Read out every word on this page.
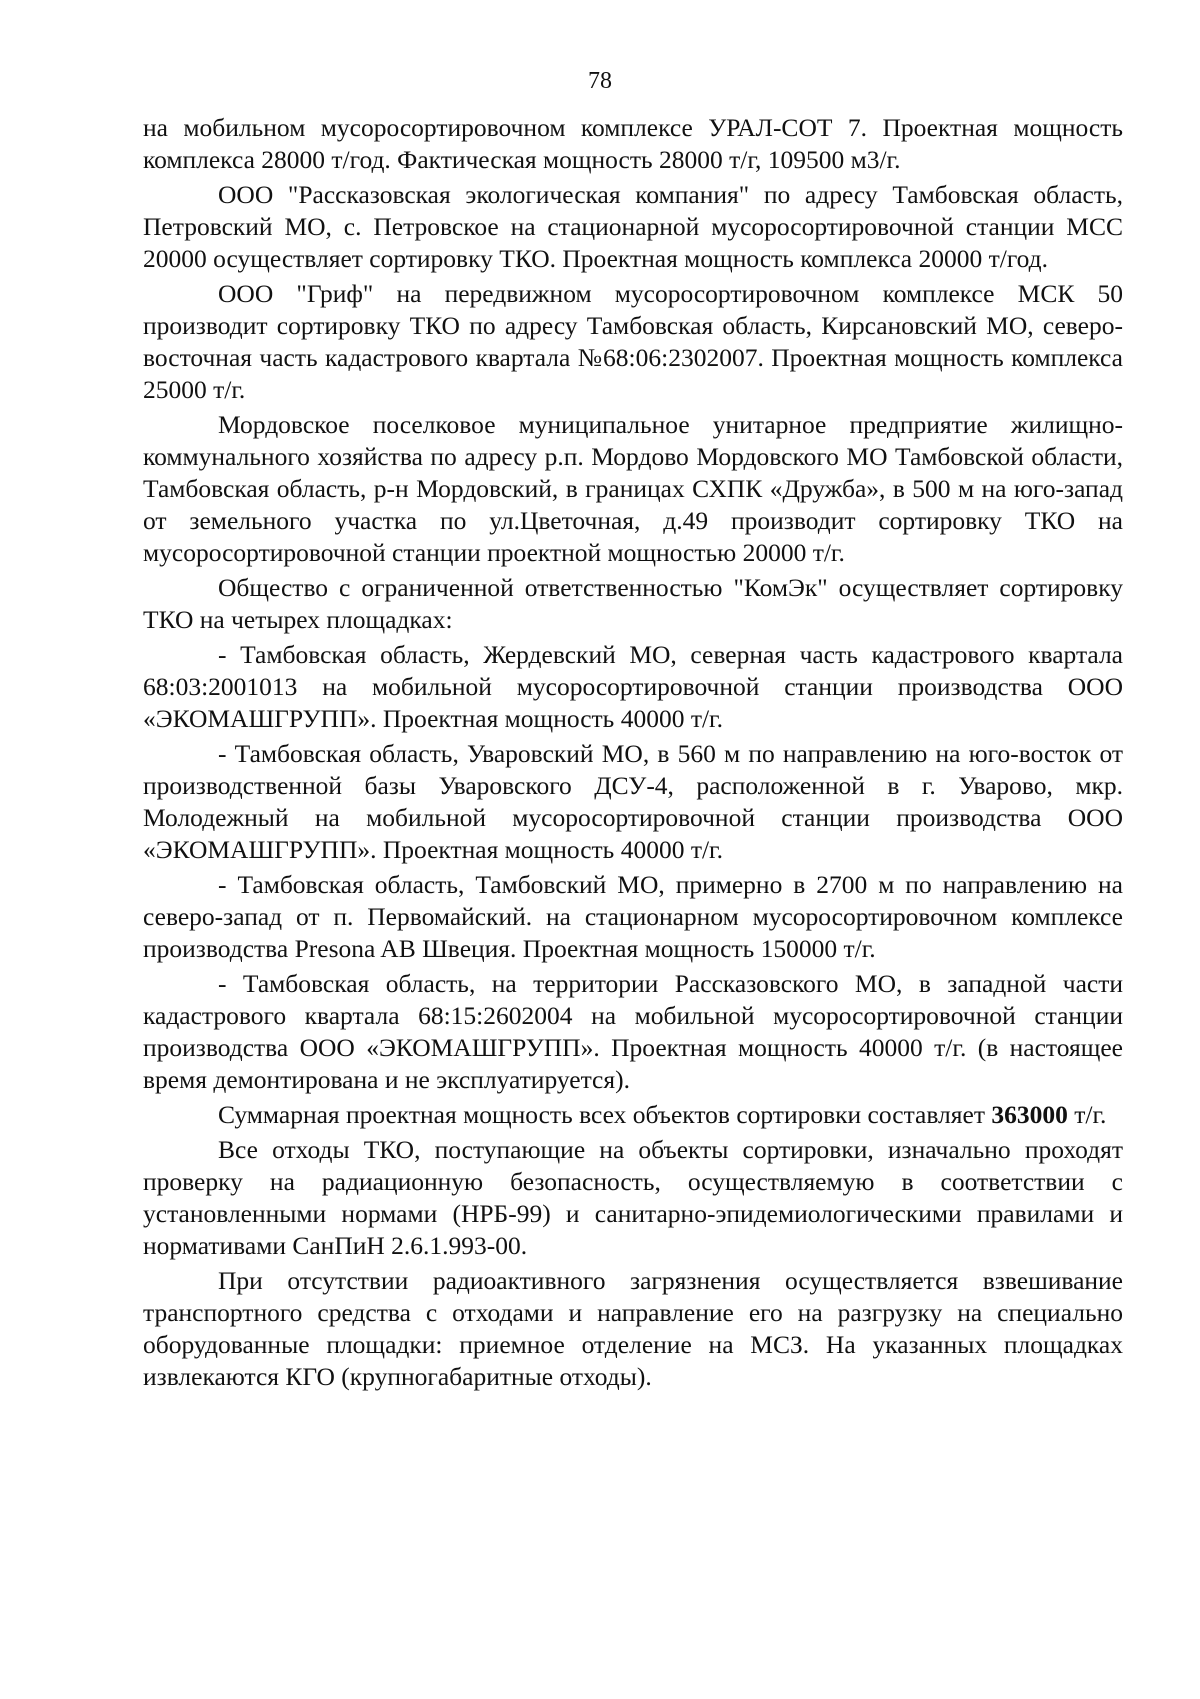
78

на мобильном мусоросортировочном комплексе УРАЛ-СОТ 7. Проектная мощность комплекса 28000 т/год. Фактическая мощность 28000 т/г, 109500 м3/г.

ООО "Рассказовская экологическая компания" по адресу Тамбовская область, Петровский МО, с. Петровское на стационарной мусоросортировочной станции МСС 20000 осуществляет сортировку ТКО. Проектная мощность комплекса 20000 т/год.

ООО "Гриф" на передвижном мусоросортировочном комплексе МСК 50 производит сортировку ТКО по адресу Тамбовская область, Кирсановский МО, северо-восточная часть кадастрового квартала №68:06:2302007. Проектная мощность комплекса 25000 т/г.

Мордовское поселковое муниципальное унитарное предприятие жилищно-коммунального хозяйства по адресу р.п. Мордово Мордовского МО Тамбовской области, Тамбовская область, р-н Мордовский, в границах СХПК «Дружба», в 500 м на юго-запад от земельного участка по ул.Цветочная, д.49 производит сортировку ТКО на мусоросортировочной станции проектной мощностью 20000 т/г.

Общество с ограниченной ответственностью "КомЭк" осуществляет сортировку ТКО на четырех площадках:

- Тамбовская область, Жердевский МО, северная часть кадастрового квартала 68:03:2001013 на мобильной мусоросортировочной станции производства ООО «ЭКОМАШГРУПП». Проектная мощность 40000 т/г.

- Тамбовская область, Уваровский МО, в 560 м по направлению на юго-восток от производственной базы Уваровского ДСУ-4, расположенной в г. Уварово, мкр. Молодежный на мобильной мусоросортировочной станции производства ООО «ЭКОМАШГРУПП». Проектная мощность 40000 т/г.

- Тамбовская область, Тамбовский МО, примерно в 2700 м по направлению на северо-запад от п. Первомайский. на стационарном мусоросортировочном комплексе производства Presona AB Швеция. Проектная мощность 150000 т/г.

- Тамбовская область, на территории Рассказовского МО, в западной части кадастрового квартала 68:15:2602004 на мобильной мусоросортировочной станции производства ООО «ЭКОМАШГРУПП». Проектная мощность 40000 т/г. (в настоящее время демонтирована и не эксплуатируется).

Суммарная проектная мощность всех объектов сортировки составляет 363000 т/г.

Все отходы ТКО, поступающие на объекты сортировки, изначально проходят проверку на радиационную безопасность, осуществляемую в соответствии с установленными нормами (НРБ-99) и санитарно-эпидемиологическими правилами и нормативами СанПиН 2.6.1.993-00.

При отсутствии радиоактивного загрязнения осуществляется взвешивание транспортного средства с отходами и направление его на разгрузку на специально оборудованные площадки: приемное отделение на МСЗ. На указанных площадках извлекаются КГО (крупногабаритные отходы).
